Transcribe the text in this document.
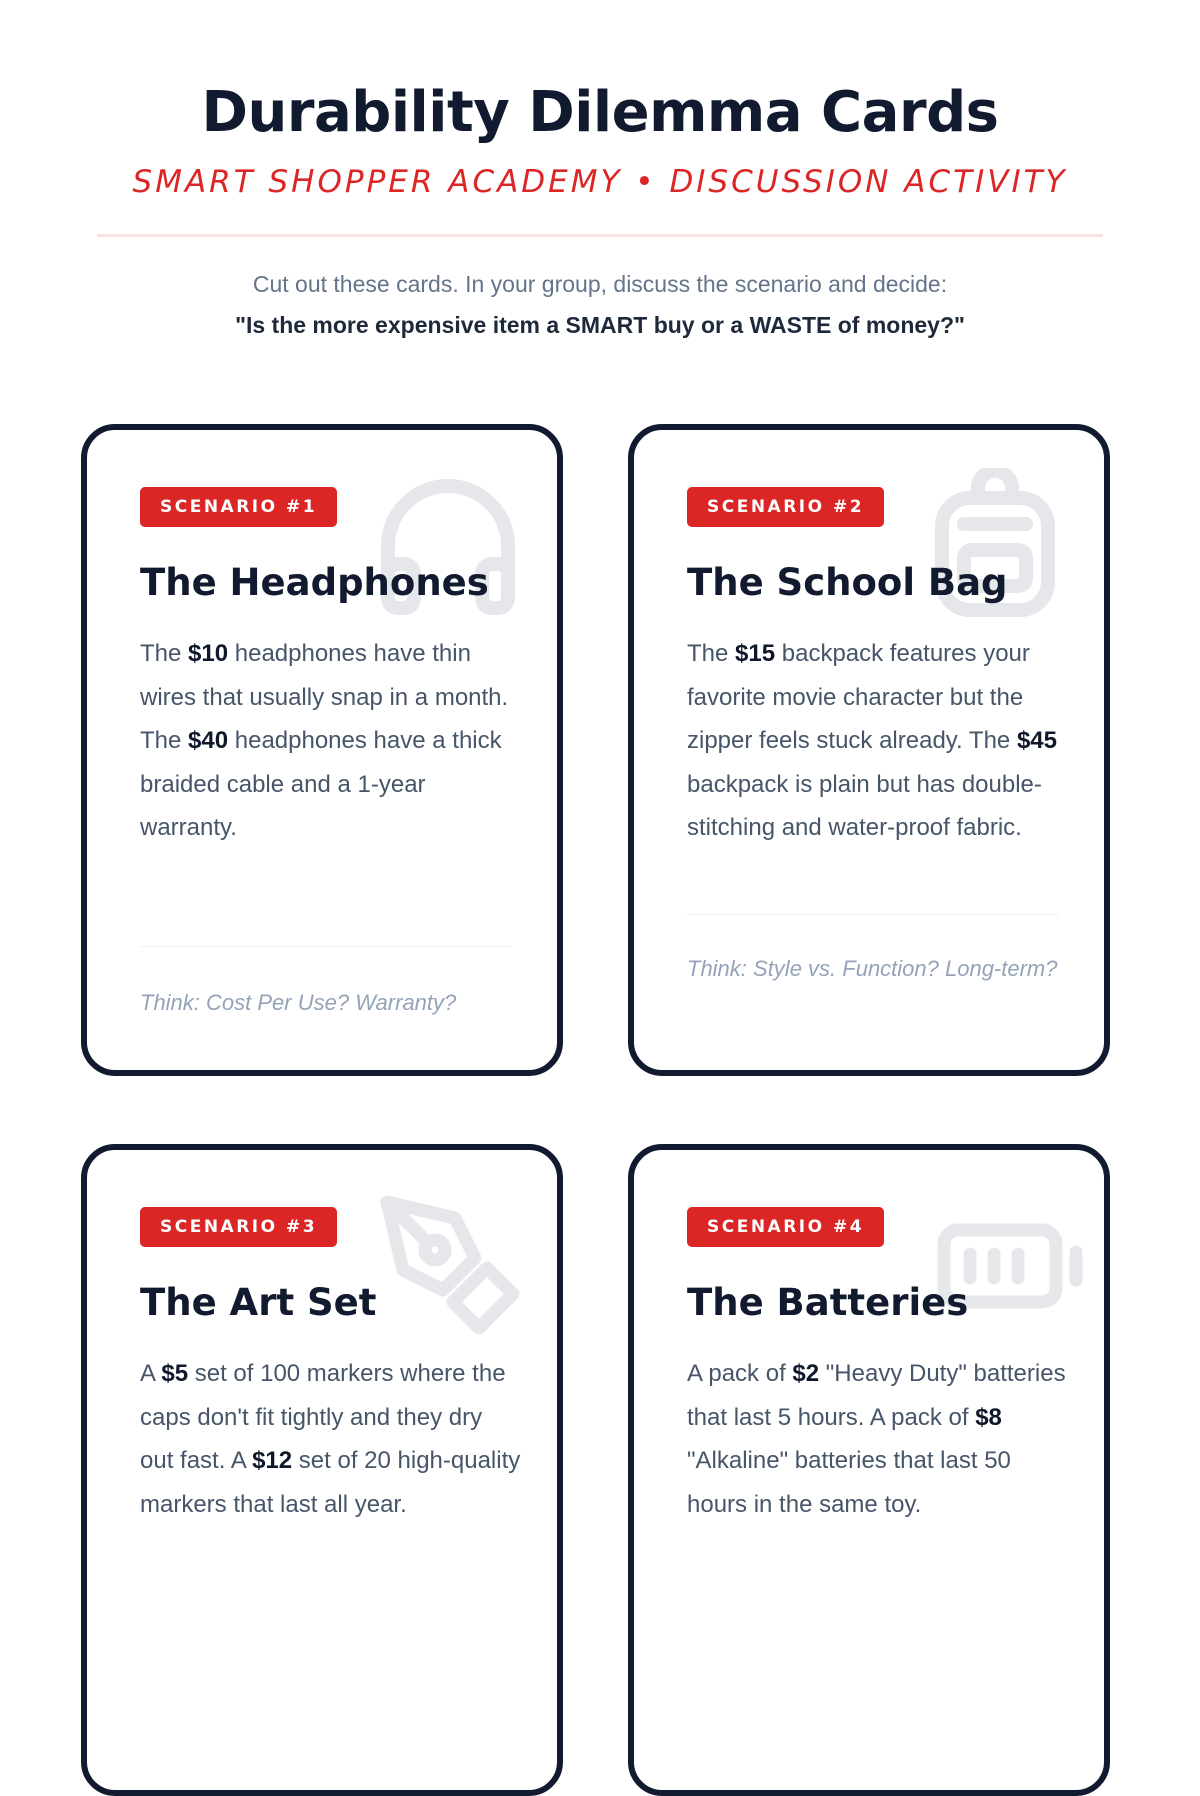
Durability Dilemma Cards
SMART SHOPPER ACADEMY • DISCUSSION ACTIVITY
Cut out these cards. In your group, discuss the scenario and decide:
"Is the more expensive item a SMART buy or a WASTE of money?"
SCENARIO #1
The Headphones
The $10 headphones have thin wires that usually snap in a month. The $40 headphones have a thick braided cable and a 1-year warranty.
Think: Cost Per Use? Warranty?
SCENARIO #2
The School Bag
The $15 backpack features your favorite movie character but the zipper feels stuck already. The $45 backpack is plain but has double-stitching and water-proof fabric.
Think: Style vs. Function? Long-term?
SCENARIO #3
The Art Set
A $5 set of 100 markers where the caps don't fit tightly and they dry out fast. A $12 set of 20 high-quality markers that last all year.
SCENARIO #4
The Batteries
A pack of $2 "Heavy Duty" batteries that last 5 hours. A pack of $8 "Alkaline" batteries that last 50 hours in the same toy.
